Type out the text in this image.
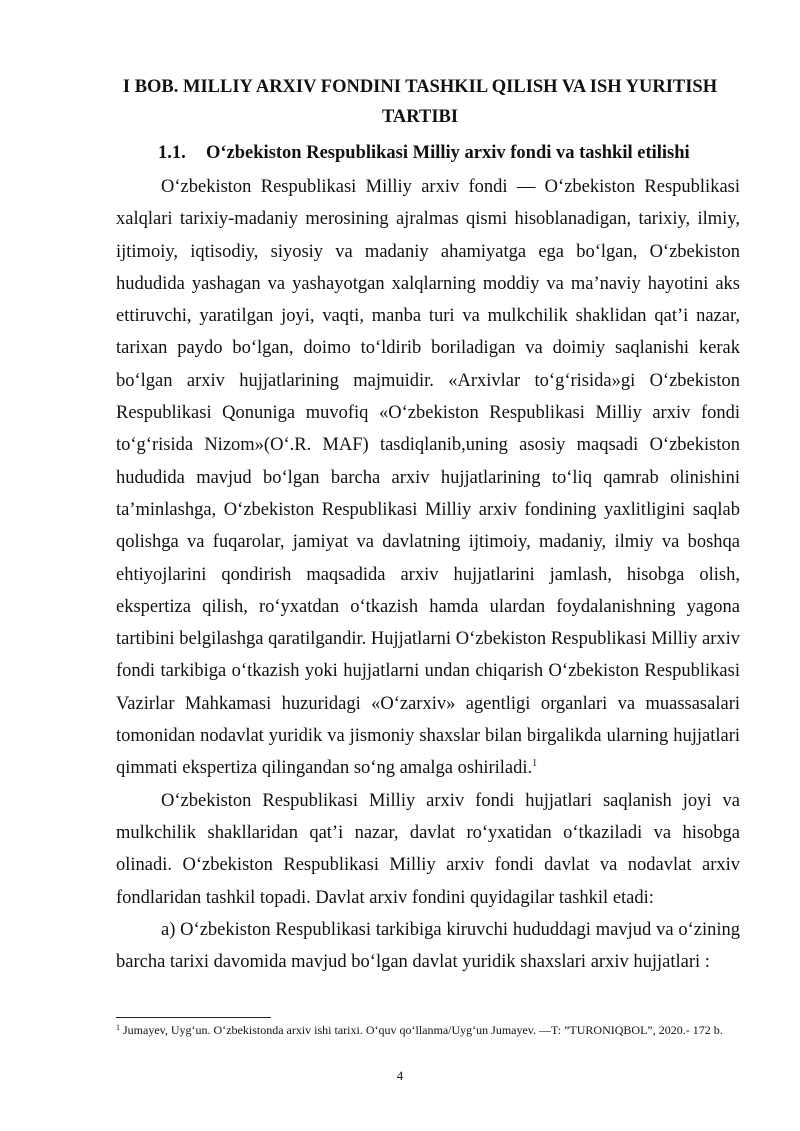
I BOB. MILLIY ARXIV FONDINI TASHKIL QILISH VA ISH YURITISH TARTIBI
1.1. O‘zbekiston Respublikasi Milliy arxiv fondi va tashkil etilishi

O‘zbekiston Respublikasi Milliy arxiv fondi — O‘zbekiston Respublikasi xalqlari tarixiy-madaniy merosining ajralmas qismi hisoblanadigan, tarixiy, ilmiy, ijtimoiy, iqtisodiy, siyosiy va madaniy ahamiyatga ega bo‘lgan, O‘zbekiston hududida yashagan va yashayotgan xalqlarning moddiy va ma’naviy hayotini aks ettiruvchi, yaratilgan joyi, vaqti, manba turi va mulkchilik shaklidan qat’i nazar, tarixan paydo bo‘lgan, doimo to‘ldirib boriladigan va doimiy saqlanishi kerak bo‘lgan arxiv hujjatlarining majmuidir. «Arxivlar to‘g‘risida»gi O‘zbekiston Respublikasi Qonuniga muvofiq «O‘zbekiston Respublikasi Milliy arxiv fondi to‘g‘risida Nizom»(O‘.R. MAF) tasdiqlanib,uning asosiy maqsadi O‘zbekiston hududida mavjud bo‘lgan barcha arxiv hujjatlarining to‘liq qamrab olinishini ta’minlashga, O‘zbekiston Respublikasi Milliy arxiv fondining yaxlitligini saqlab qolishga va fuqarolar, jamiyat va davlatning ijtimoiy, madaniy, ilmiy va boshqa ehtiyojlarini qondirish maqsadida arxiv hujjatlarini jamlash, hisobga olish, ekspertiza qilish, ro‘yxatdan o‘tkazish hamda ulardan foydalanishning yagona tartibini belgilashga qaratilgandir. Hujjatlarni O‘zbekiston Respublikasi Milliy arxiv fondi tarkibiga o‘tkazish yoki hujjatlarni undan chiqarish O‘zbekiston Respublikasi Vazirlar Mahkamasi huzuridagi «O‘zarxiv» agentligi organlari va muassasalari tomonidan nodavlat yuridik va jismoniy shaxslar bilan birgalikda ularning hujjatlari qimmati ekspertiza qilingandan so‘ng amalga oshiriladi.$^1$

O‘zbekiston Respublikasi Milliy arxiv fondi hujjatlari saqlanish joyi va mulkchilik shakllaridan qat’i nazar, davlat ro‘yxatidan o‘tkaziladi va hisobga olinadi. O‘zbekiston Respublikasi Milliy arxiv fondi davlat va nodavlat arxiv fondlaridan tashkil topadi. Davlat arxiv fondini quyidagilar tashkil etadi:

a) O‘zbekiston Respublikasi tarkibiga kiruvchi hududdagi mavjud va o‘zining barcha tarixi davomida mavjud bo‘lgan davlat yuridik shaxslari arxiv hujjatlari :

$^1$ Jumayev, Uyg‘un. O‘zbekistonda arxiv ishi tarixi. O‘quv qo‘llanma/Uyg‘un Jumayev. —T: ”TURONIQBOL”, 2020.- 172 b.

4
